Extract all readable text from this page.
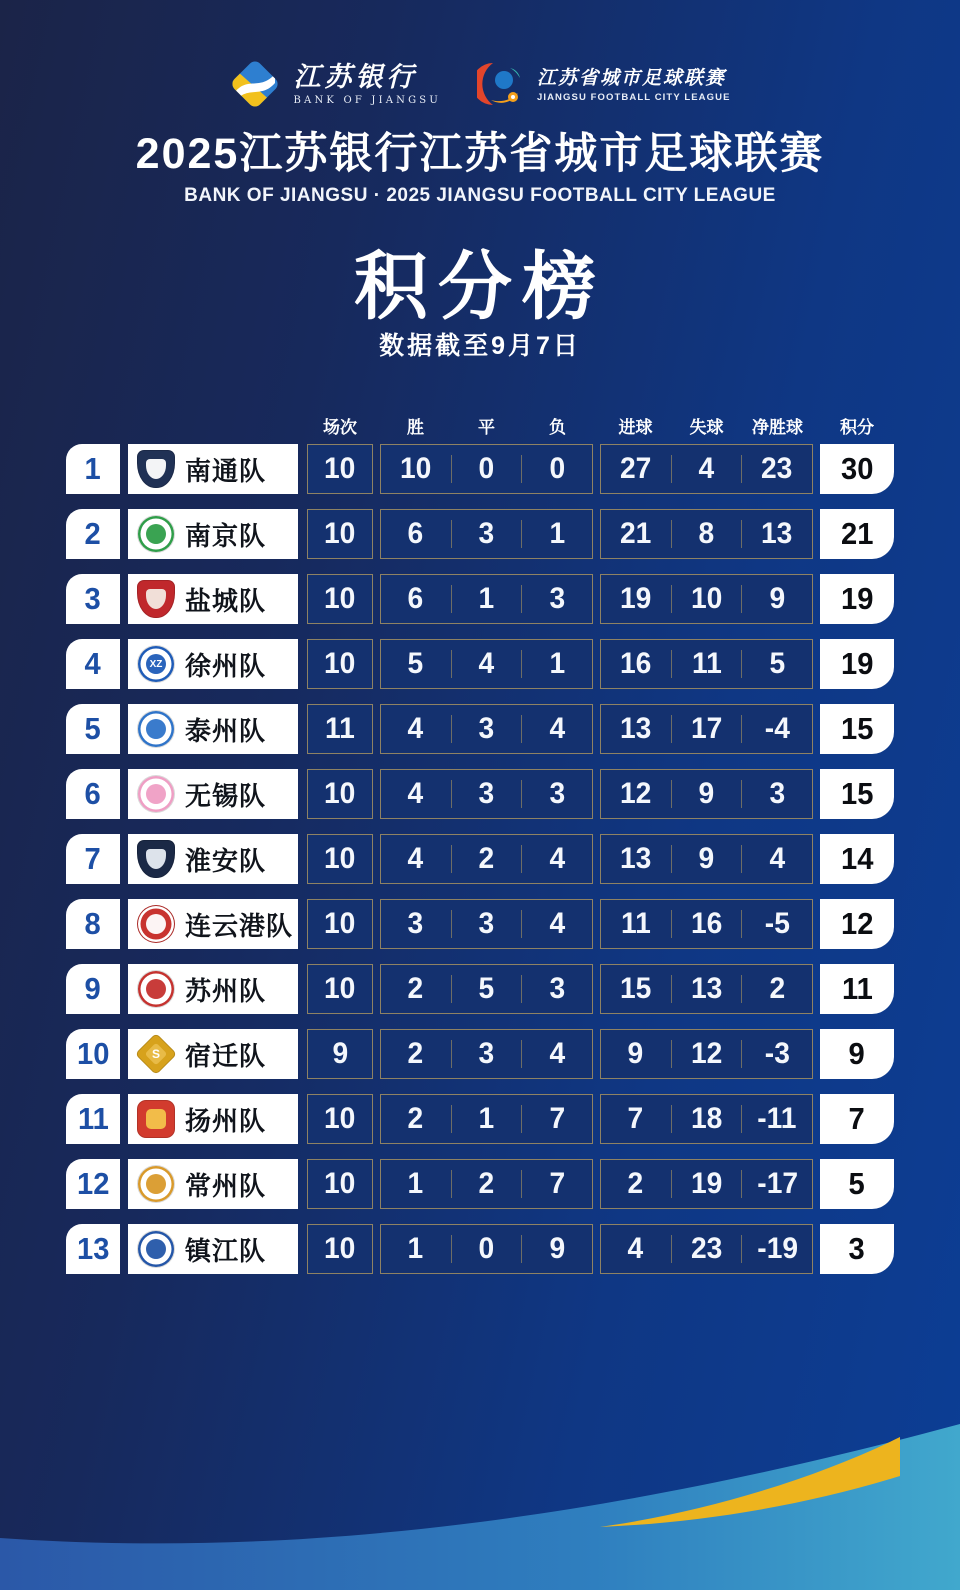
江苏银行
BANK OF JIANGSU
江苏省城市足球联赛
JIANGSU FOOTBALL CITY LEAGUE
2025江苏银行江苏省城市足球联赛
BANK OF JIANGSU · 2025 JIANGSU FOOTBALL CITY LEAGUE
积分榜
数据截至9月7日
场次	胜	平	负	进球	失球	净胜球	积分
1	南通队 10 10 0 0 27 4 23 30
2	南京队 10 6 3 1 21 8 13 21
3	盐城队 10 6 1 3 19 10 9 19
4	XZ 徐州队 10 5 4 1 16 11 5 19
5	泰州队 11 4 3 4 13 17 -4 15
6	无锡队 10 4 3 3 12 9 3 15
7	淮安队 10 4 2 4 13 9 4 14
8	连云港队 10 3 3 4 11 16 -5 12
9	苏州队 10 2 5 3 15 13 2 11
10	S 宿迁队 9 2 3 4 9 12 -3 9
11	扬州队 10 2 1 7 7 18 -11 7
12	常州队 10 1 2 7 2 19 -17 5
13	镇江队 10 1 0 9 4 23 -19 3
